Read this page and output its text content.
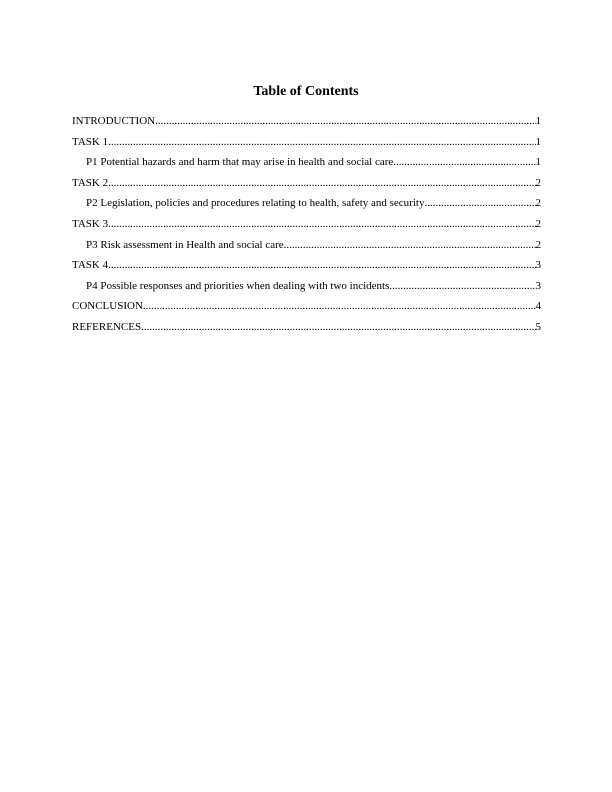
Table of Contents
INTRODUCTION .....	1
TASK 1 .....	1
P1 Potential hazards and harm that may arise in health and social care .....	1
TASK 2 .....	2
P2 Legislation, policies and procedures relating to health, safety and security .....	2
TASK 3 .....	2
P3 Risk assessment in Health and social care .....	2
TASK 4 .....	3
P4 Possible responses and priorities when dealing with two incidents .....	3
CONCLUSION .....	4
REFERENCES .....	5
